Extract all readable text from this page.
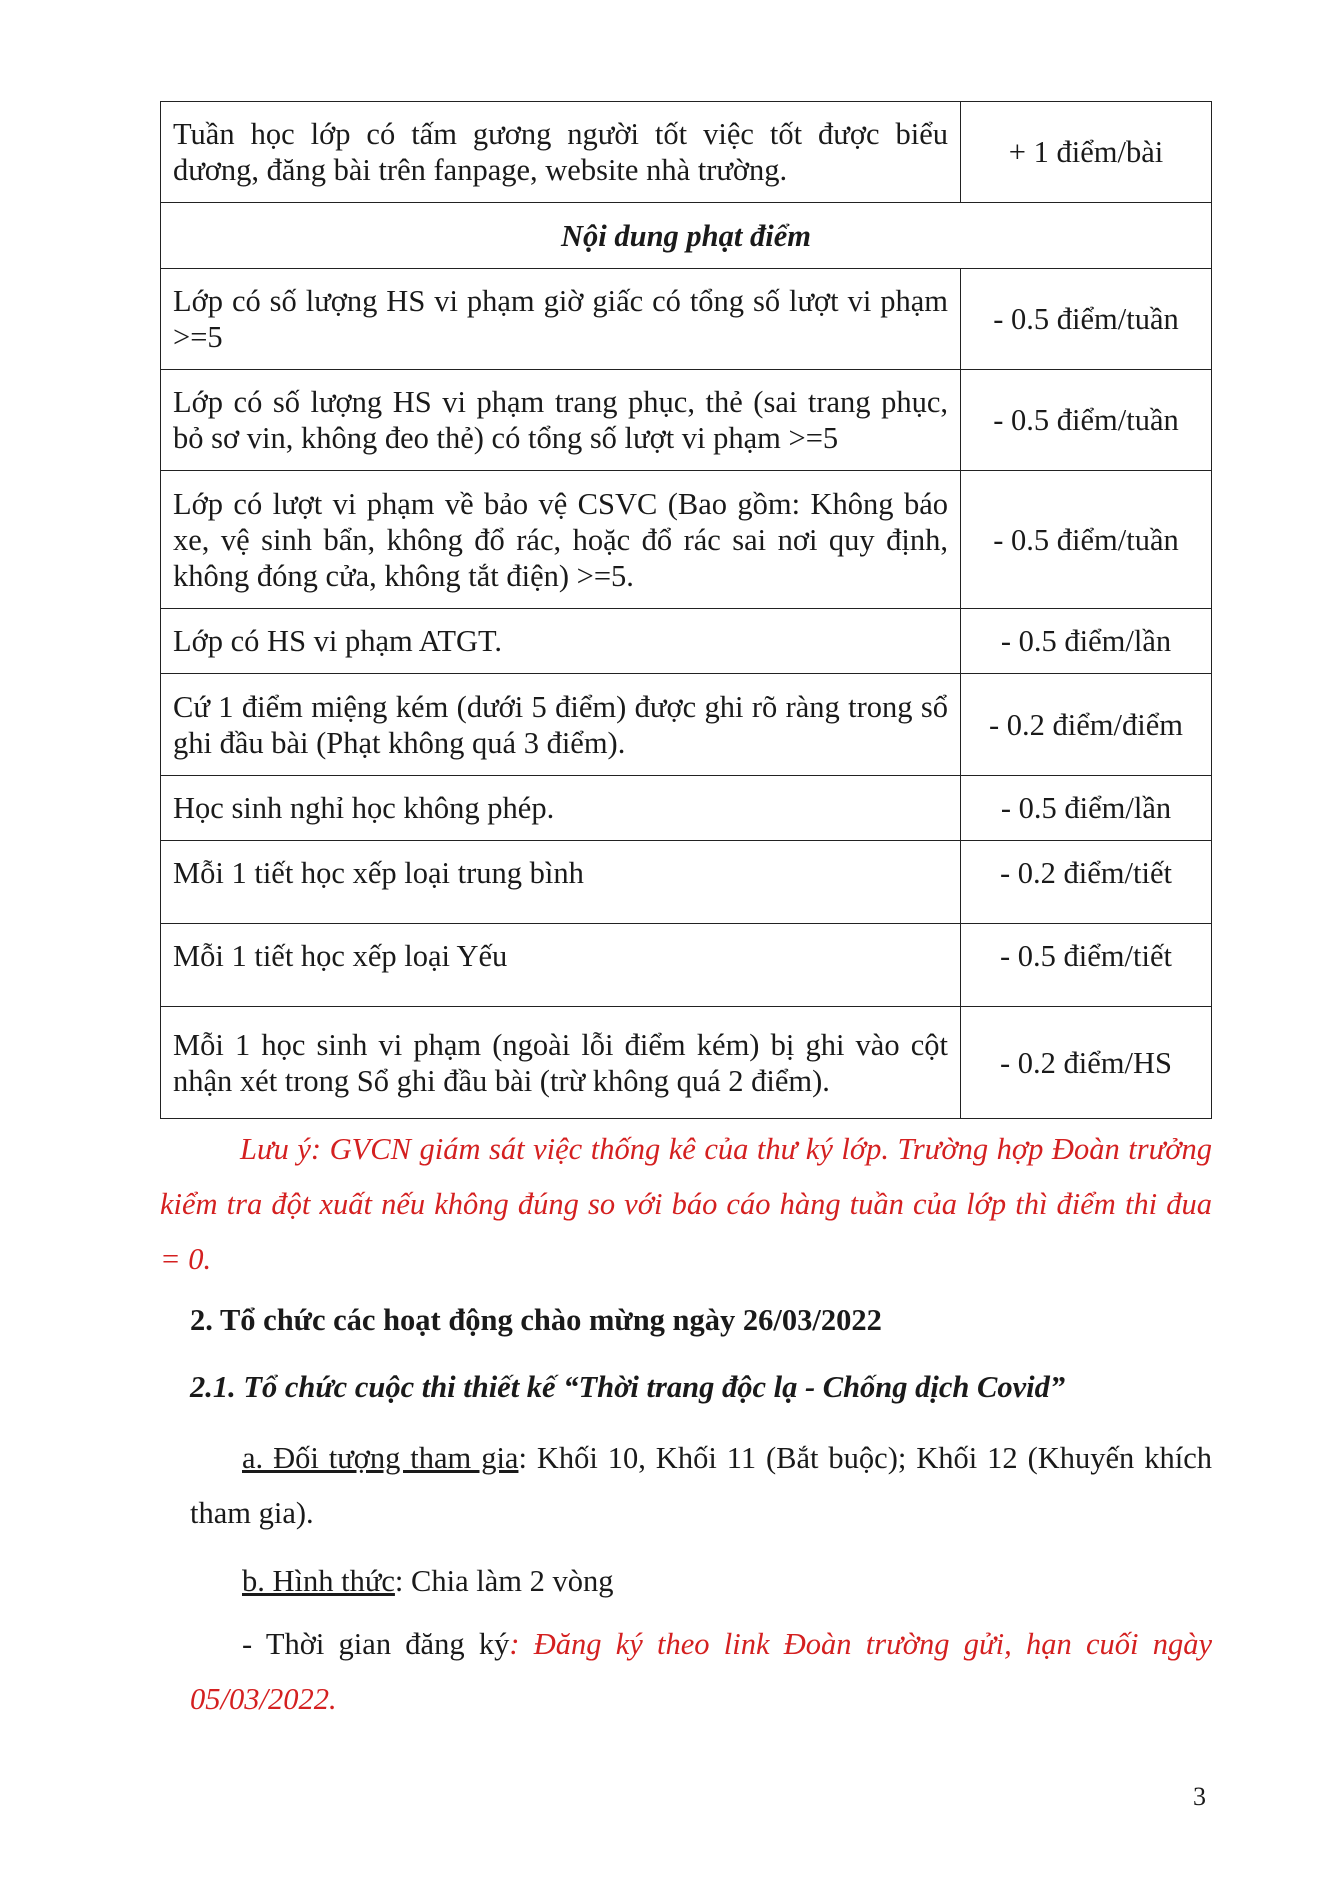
Tuần học lớp có tấm gương người tốt việc tốt được biểu dương, đăng bài trên fanpage, website nhà trường.	+ 1 điểm/bài
Nội dung phạt điểm	
Lớp có số lượng HS vi phạm giờ giấc có tổng số lượt vi phạm >=5	- 0.5 điểm/tuần
Lớp có số lượng HS vi phạm trang phục, thẻ (sai trang phục, bỏ sơ vin, không đeo thẻ) có tổng số lượt vi phạm >=5	- 0.5 điểm/tuần
Lớp có lượt vi phạm về bảo vệ CSVC (Bao gồm: Không báo xe, vệ sinh bẩn, không đổ rác, hoặc đổ rác sai nơi quy định, không đóng cửa, không tắt điện) >=5.	- 0.5 điểm/tuần
Lớp có HS vi phạm ATGT.	- 0.5 điểm/lần
Cứ 1 điểm miệng kém (dưới 5 điểm) được ghi rõ ràng trong sổ ghi đầu bài (Phạt không quá 3 điểm).	- 0.2 điểm/điểm
Học sinh nghỉ học không phép.	- 0.5 điểm/lần
Mỗi 1 tiết học xếp loại trung bình	- 0.2 điểm/tiết
Mỗi 1 tiết học xếp loại Yếu	- 0.5 điểm/tiết
Mỗi 1 học sinh vi phạm (ngoài lỗi điểm kém) bị ghi vào cột nhận xét trong Sổ ghi đầu bài (trừ không quá 2 điểm).	- 0.2 điểm/HS
Lưu ý: GVCN giám sát việc thống kê của thư ký lớp. Trường hợp Đoàn trưởng kiểm tra đột xuất nếu không đúng so với báo cáo hàng tuần của lớp thì điểm thi đua = 0.
2. Tổ chức các hoạt động chào mừng ngày 26/03/2022
2.1. Tổ chức cuộc thi thiết kế “Thời trang độc lạ - Chống dịch Covid”
a. Đối tượng tham gia: Khối 10, Khối 11 (Bắt buộc); Khối 12 (Khuyến khích tham gia).
b. Hình thức: Chia làm 2 vòng
- Thời gian đăng ký: Đăng ký theo link Đoàn trường gửi, hạn cuối ngày 05/03/2022.
3
